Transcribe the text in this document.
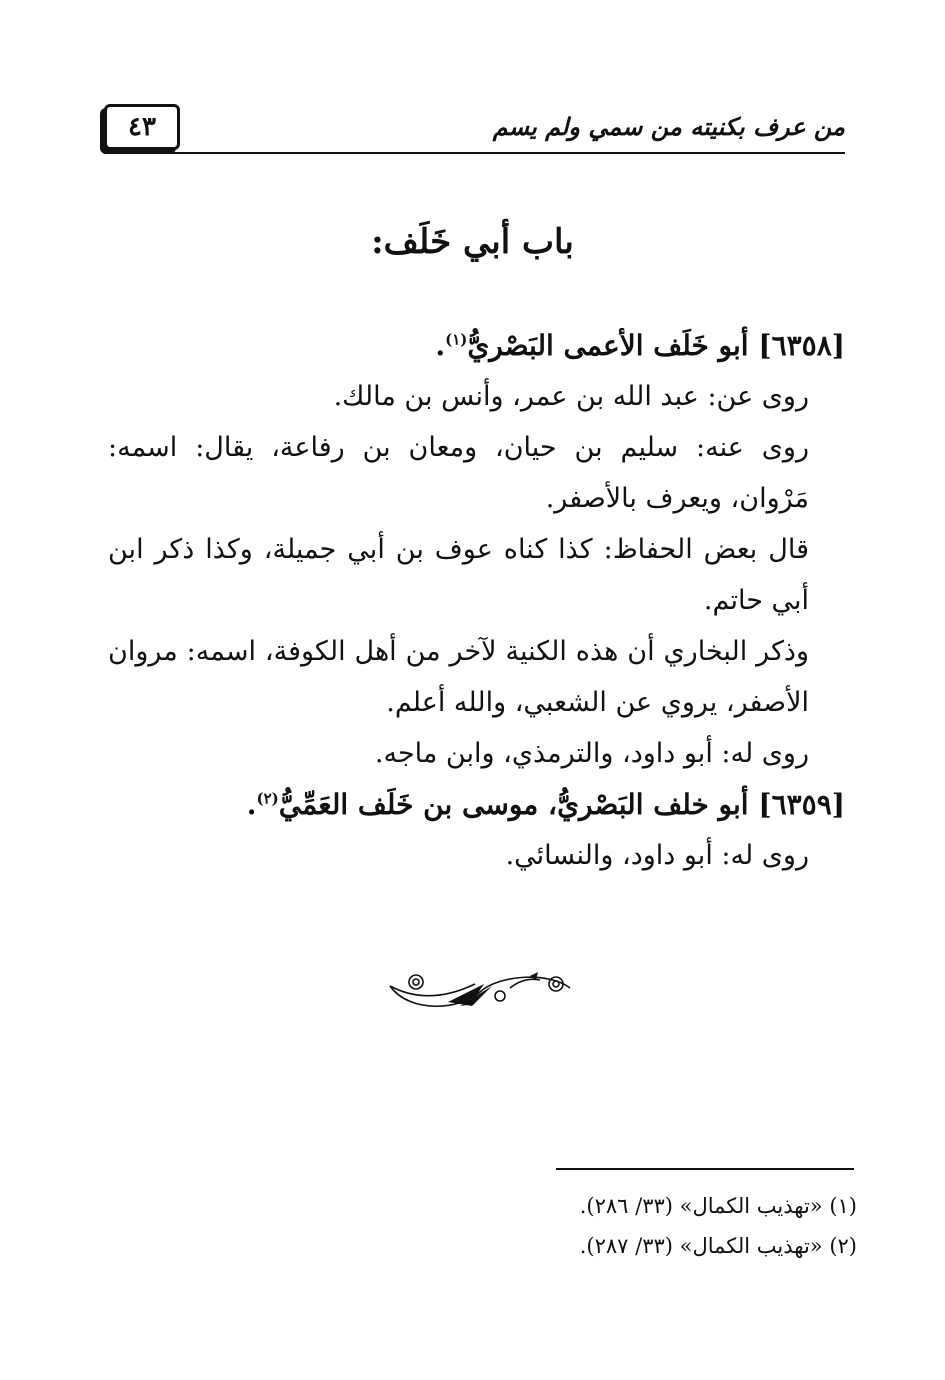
من عرف بكنيته من سمي ولم يسم
٤٣
باب أبي خَلَف:

[٦٣٥٨] أبو خَلَف الأعمى البَصْريُّ$^{(١)}$.

روى عن: عبد الله بن عمر، وأنس بن مالك.

روى عنه: سليم بن حيان، ومعان بن رفاعة، يقال: اسمه: مَرْوان، ويعرف بالأصفر.

قال بعض الحفاظ: كذا كناه عوف بن أبي جميلة، وكذا ذكر ابن أبي حاتم.

وذكر البخاري أن هذه الكنية لآخر من أهل الكوفة، اسمه: مروان الأصفر، يروي عن الشعبي، والله أعلم.

روى له: أبو داود، والترمذي، وابن ماجه.

[٦٣٥٩] أبو خلف البَصْريُّ، موسى بن خَلَف العَمِّيُّ$^{(٢)}$.

روى له: أبو داود، والنسائي.

(١) «تهذيب الكمال» (٣٣/ ٢٨٦).
(٢) «تهذيب الكمال» (٣٣/ ٢٨٧).
